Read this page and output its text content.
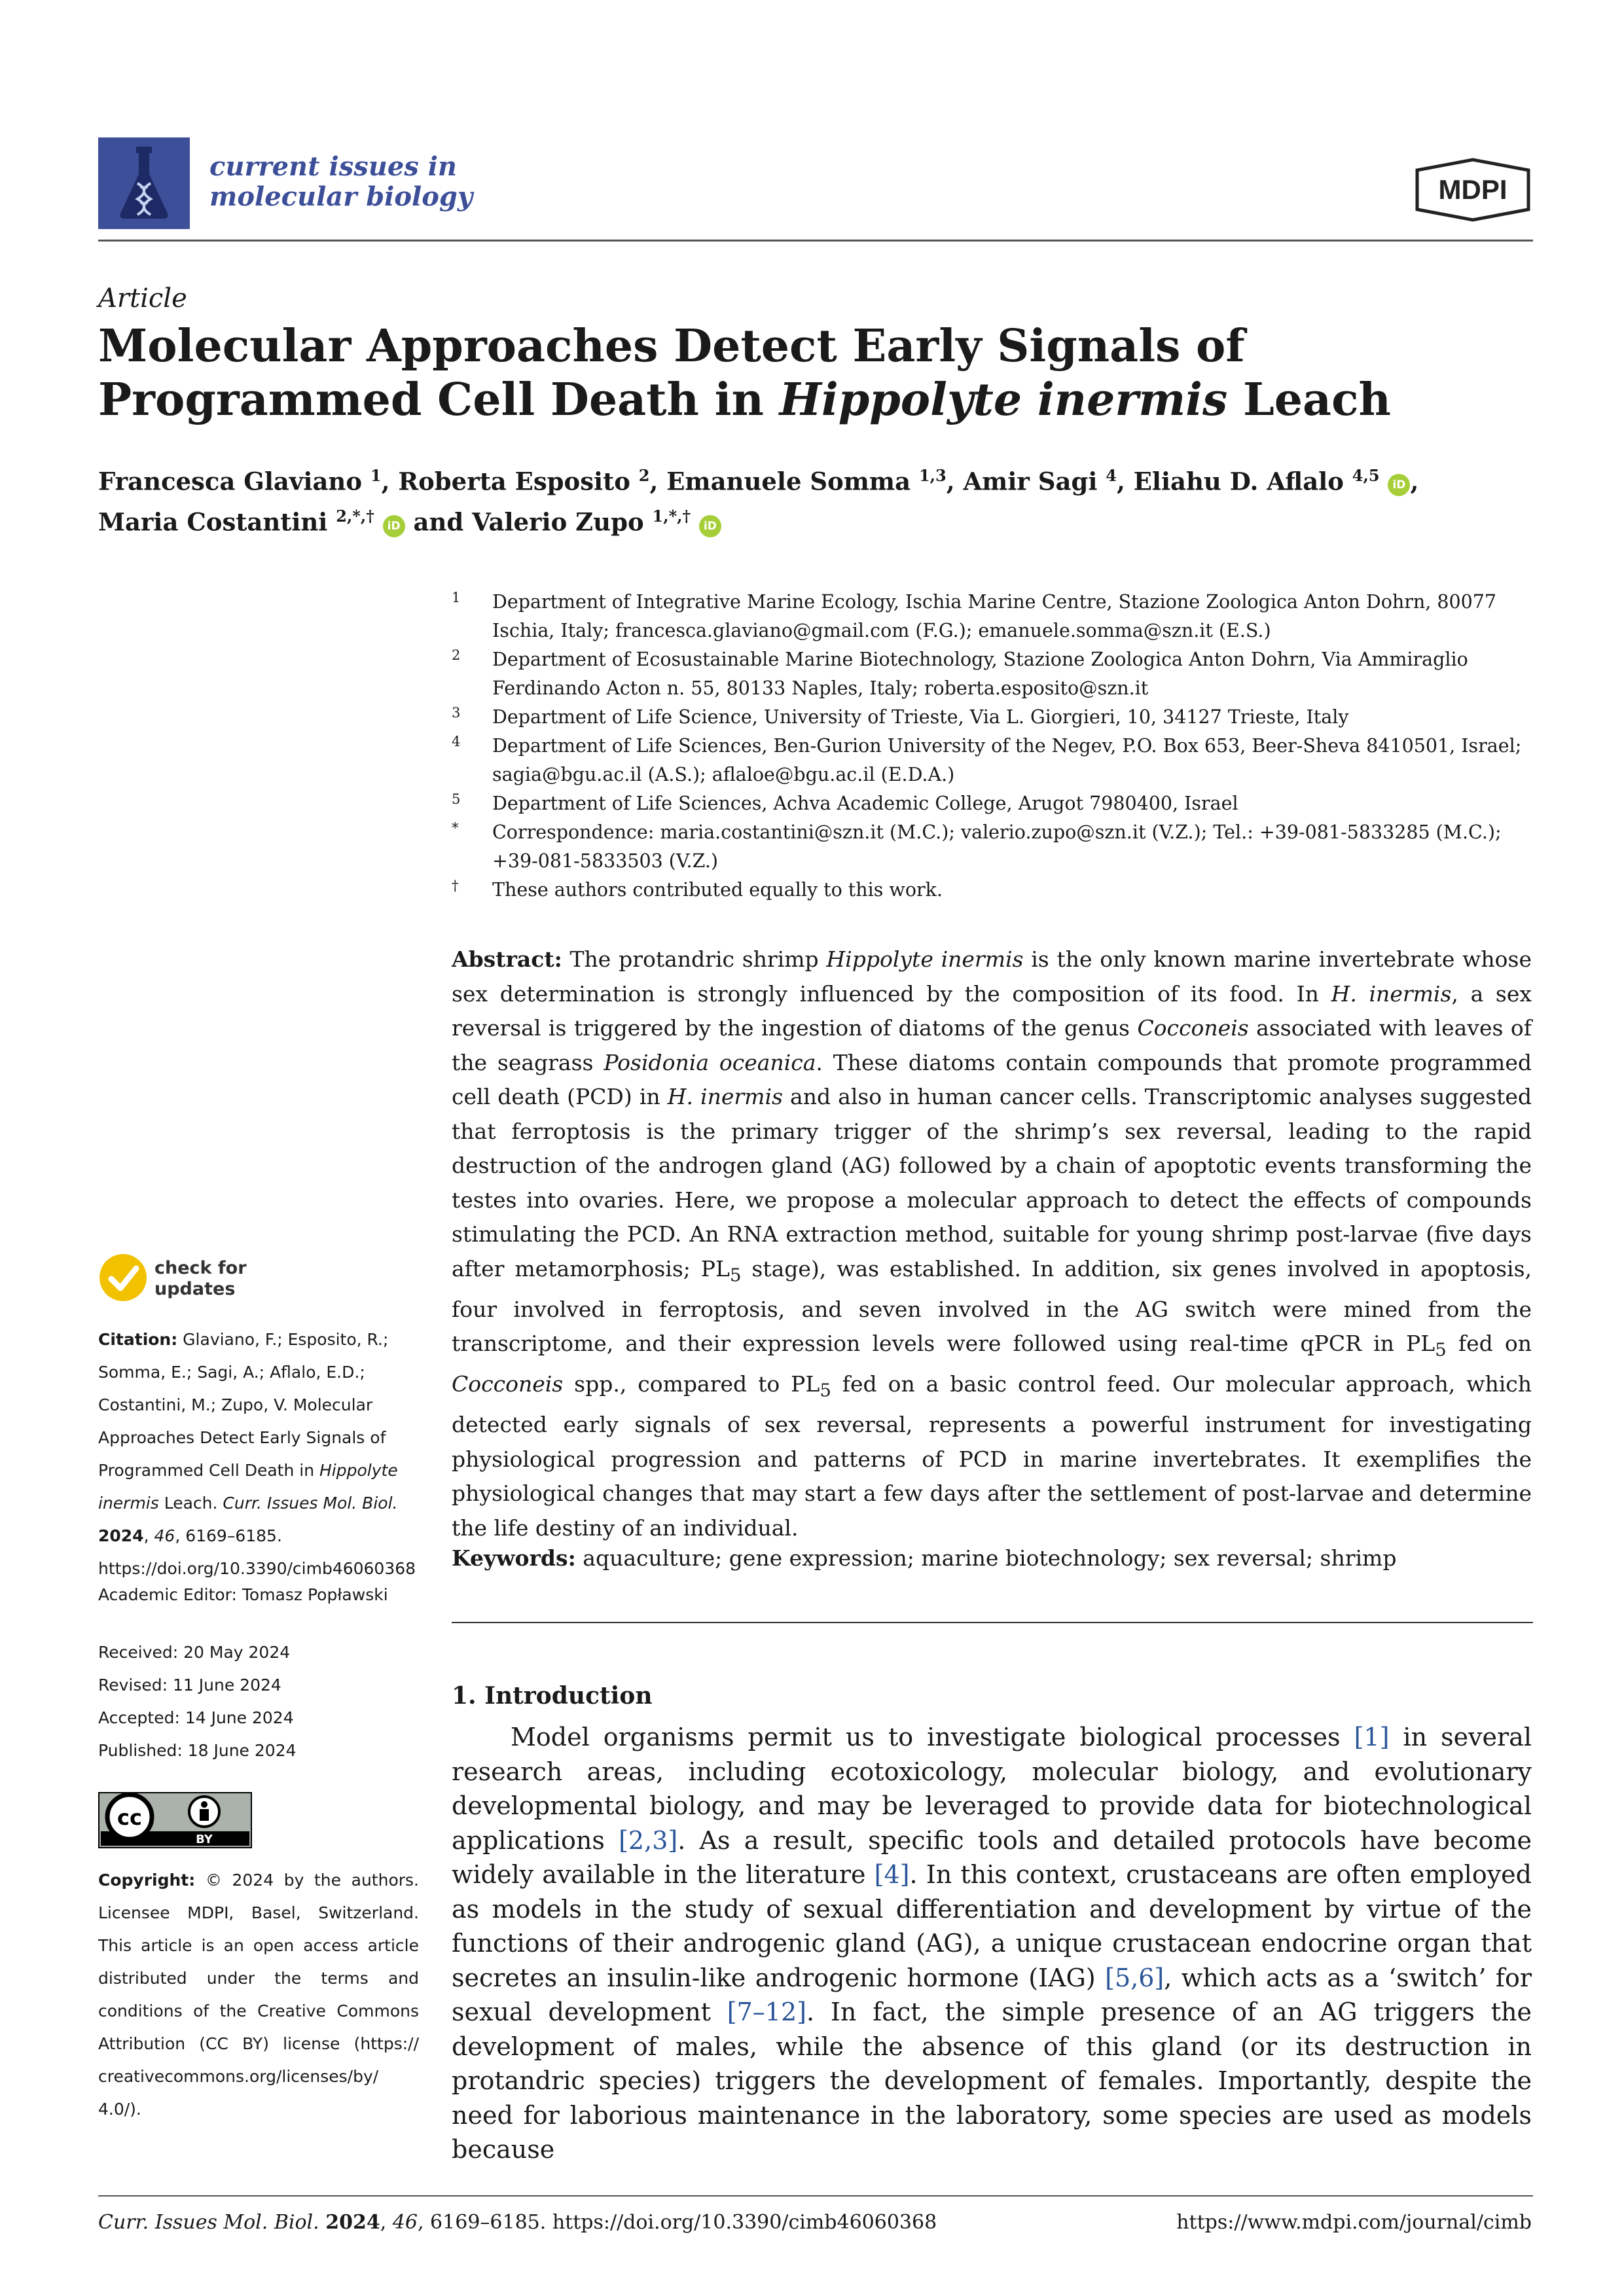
current issues in
molecular biology	MDPI
Article
Molecular Approaches Detect Early Signals of Programmed Cell Death in Hippolyte inermis Leach
Francesca Glaviano $^1$, Roberta Esposito $^2$, Emanuele Somma $^{1,3}$, Amir Sagi $^4$, Eliahu D. Aflalo $^{4,5}$ iD ,
Maria Costantini $^{2,*,\dagger}$ iD and Valerio Zupo $^{1,*,\dagger}$ iD
1	Department of Integrative Marine Ecology, Ischia Marine Centre, Stazione Zoologica Anton Dohrn, 80077 Ischia, Italy; francesca.glaviano@gmail.com (F.G.); emanuele.somma@szn.it (E.S.)
2	Department of Ecosustainable Marine Biotechnology, Stazione Zoologica Anton Dohrn, Via Ammiraglio Ferdinando Acton n. 55, 80133 Naples, Italy; roberta.esposito@szn.it
3	Department of Life Science, University of Trieste, Via L. Giorgieri, 10, 34127 Trieste, Italy
4	Department of Life Sciences, Ben-Gurion University of the Negev, P.O. Box 653, Beer-Sheva 8410501, Israel; sagia@bgu.ac.il (A.S.); aflaloe@bgu.ac.il (E.D.A.)
5	Department of Life Sciences, Achva Academic College, Arugot 7980400, Israel
*	Correspondence: maria.costantini@szn.it (M.C.); valerio.zupo@szn.it (V.Z.); Tel.: +39-081-5833285 (M.C.); +39-081-5833503 (V.Z.)
†	These authors contributed equally to this work.
Abstract: The protandric shrimp Hippolyte inermis is the only known marine invertebrate whose sex determination is strongly influenced by the composition of its food. In H. inermis, a sex reversal is triggered by the ingestion of diatoms of the genus Cocconeis associated with leaves of the seagrass Posidonia oceanica. These diatoms contain compounds that promote programmed cell death (PCD) in H. inermis and also in human cancer cells. Transcriptomic analyses suggested that ferroptosis is the primary trigger of the shrimp’s sex reversal, leading to the rapid destruction of the androgen gland (AG) followed by a chain of apoptotic events transforming the testes into ovaries. Here, we propose a molecular approach to detect the effects of compounds stimulating the PCD. An RNA extraction method, suitable for young shrimp post-larvae (five days after metamorphosis; $PL_5$ stage), was established. In addition, six genes involved in apoptosis, four involved in ferroptosis, and seven involved in the AG switch were mined from the transcriptome, and their expression levels were followed using real-time qPCR in $PL_5$ fed on Cocconeis spp., compared to $PL_5$ fed on a basic control feed. Our molecular approach, which detected early signals of sex reversal, represents a powerful instrument for investigating physiological progression and patterns of PCD in marine invertebrates. It exemplifies the physiological changes that may start a few days after the settlement of post-larvae and determine the life destiny of an individual.
Keywords: aquaculture; gene expression; marine biotechnology; sex reversal; shrimp
1. Introduction
Model organisms permit us to investigate biological processes [1] in several research areas, including ecotoxicology, molecular biology, and evolutionary developmental biology, and may be leveraged to provide data for biotechnological applications [2,3]. As a result, specific tools and detailed protocols have become widely available in the literature [4]. In this context, crustaceans are often employed as models in the study of sexual differentiation and development by virtue of the functions of their androgenic gland (AG), a unique crustacean endocrine organ that secretes an insulin-like androgenic hormone (IAG) [5,6], which acts as a ‘switch’ for sexual development [7–12]. In fact, the simple presence of an AG triggers the development of males, while the absence of this gland (or its destruction in protandric species) triggers the development of females. Importantly, despite the need for laborious maintenance in the laboratory, some species are used as models because
check for
updates
Citation: Glaviano, F.; Esposito, R.; Somma, E.; Sagi, A.; Aflalo, E.D.; Costantini, M.; Zupo, V. Molecular Approaches Detect Early Signals of Programmed Cell Death in Hippolyte inermis Leach. Curr. Issues Mol. Biol. 2024, 46, 6169–6185. https://doi.org/10.3390/cimb46060368
Academic Editor: Tomasz Popławski
Received: 20 May 2024
Revised: 11 June 2024
Accepted: 14 June 2024
Published: 18 June 2024
cc
BY
Copyright: © 2024 by the authors. Licensee MDPI, Basel, Switzerland. This article is an open access article distributed under the terms and conditions of the Creative Commons Attribution (CC BY) license (https:// creativecommons.org/licenses/by/ 4.0/).
Curr. Issues Mol. Biol. 2024, 46, 6169–6185. https://doi.org/10.3390/cimb46060368	https://www.mdpi.com/journal/cimb
